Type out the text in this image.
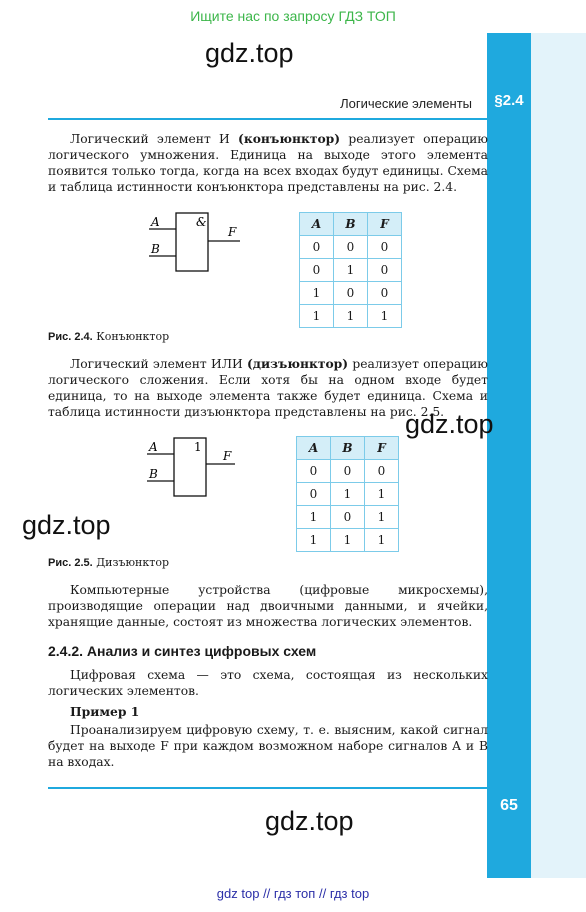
Ищите нас по запросу ГДЗ ТОП
§2.4
65
Логические элементы
gdz.top
gdz.top
gdz.top
gdz.top
Логический элемент И (конъюнктор) реализует операцию логического умножения. Единица на выходе этого элемента появится только тогда, когда на всех входах будут единицы. Схема и таблица истинности конъюнктора представлены на рис. 2.4.
&
A
B
F
A	B	F
0	0	0
0	1	0
1	0	0
1	1	1
Рис. 2.4. Конъюнктор
Логический элемент ИЛИ (дизъюнктор) реализует операцию логического сложения. Если хотя бы на одном входе будет единица, то на выходе элемента также будет единица. Схема и таблица истинности дизъюнктора представлены на рис. 2.5.
1
A
B
F
A	B	F
0	0	0
0	1	1
1	0	1
1	1	1
Рис. 2.5. Дизъюнктор
Компьютерные устройства (цифровые микросхемы), производящие операции над двоичными данными, и ячейки, хранящие данные, состоят из множества логических элементов.
2.4.2. Анализ и синтез цифровых схем
Цифровая схема — это схема, состоящая из нескольких логических элементов.
Пример 1
Проанализируем цифровую схему, т. е. выясним, какой сигнал будет на выходе F при каждом возможном наборе сигналов A и B на входах.
gdz top // гдз топ // гдз top
